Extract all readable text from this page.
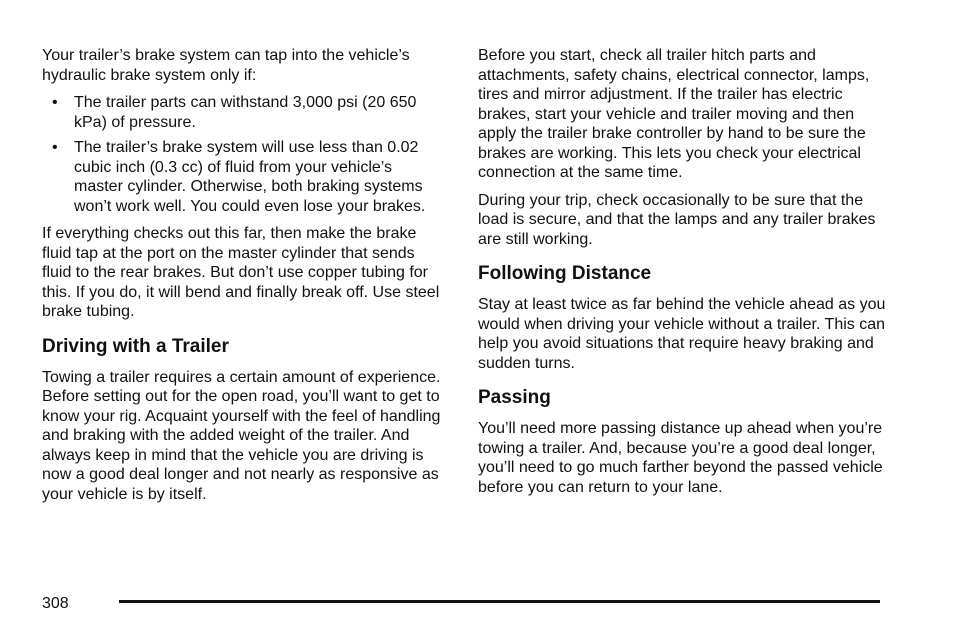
Your trailer’s brake system can tap into the vehicle’s hydraulic brake system only if:

• The trailer parts can withstand 3,000 psi (20 650 kPa) of pressure.
• The trailer’s brake system will use less than 0.02 cubic inch (0.3 cc) of fluid from your vehicle’s master cylinder. Otherwise, both braking systems won’t work well. You could even lose your brakes.

If everything checks out this far, then make the brake fluid tap at the port on the master cylinder that sends fluid to the rear brakes. But don’t use copper tubing for this. If you do, it will bend and finally break off. Use steel brake tubing.

Driving with a Trailer

Towing a trailer requires a certain amount of experience. Before setting out for the open road, you’ll want to get to know your rig. Acquaint yourself with the feel of handling and braking with the added weight of the trailer. And always keep in mind that the vehicle you are driving is now a good deal longer and not nearly as responsive as your vehicle is by itself.

Before you start, check all trailer hitch parts and attachments, safety chains, electrical connector, lamps, tires and mirror adjustment. If the trailer has electric brakes, start your vehicle and trailer moving and then apply the trailer brake controller by hand to be sure the brakes are working. This lets you check your electrical connection at the same time.

During your trip, check occasionally to be sure that the load is secure, and that the lamps and any trailer brakes are still working.

Following Distance

Stay at least twice as far behind the vehicle ahead as you would when driving your vehicle without a trailer. This can help you avoid situations that require heavy braking and sudden turns.

Passing

You’ll need more passing distance up ahead when you’re towing a trailer. And, because you’re a good deal longer, you’ll need to go much farther beyond the passed vehicle before you can return to your lane.

308
